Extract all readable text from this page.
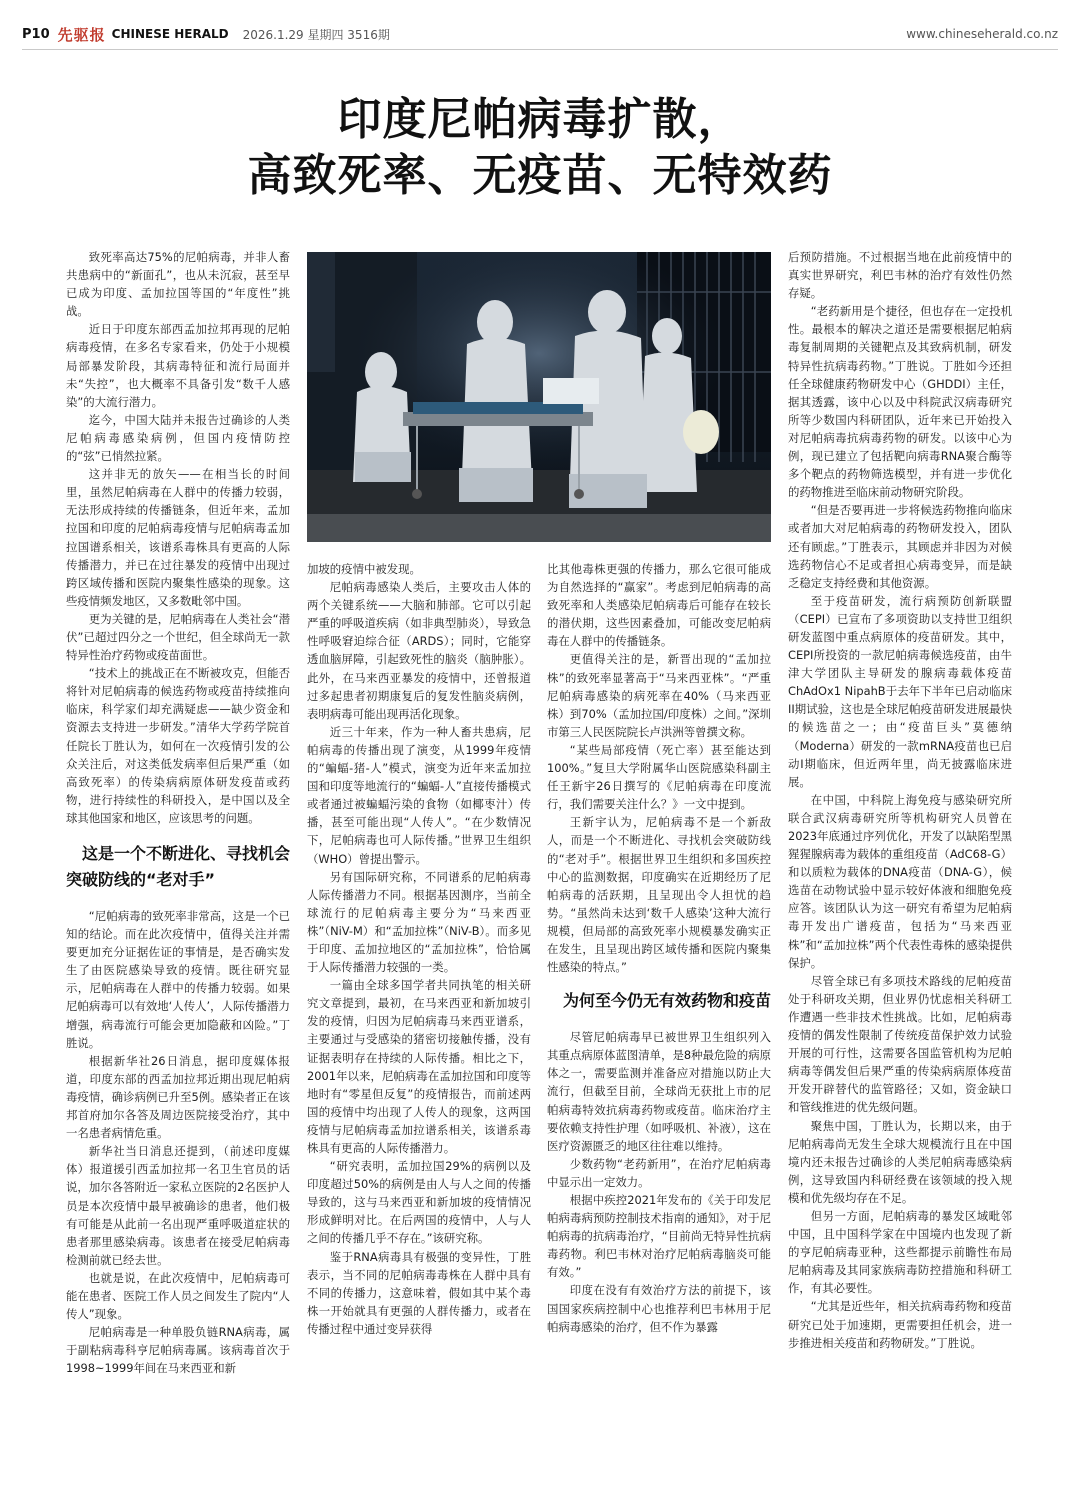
P10 先驱报 CHINESE HERALD 2026.1.29 星期四 3516期	www.chineseherald.co.nz
印度尼帕病毒扩散，
高致死率、无疫苗、无特效药

致死率高达75%的尼帕病毒，并非人畜共患病中的“新面孔”，也从未沉寂，甚至早已成为印度、孟加拉国等国的“年度性”挑战。

近日于印度东部西孟加拉邦再现的尼帕病毒疫情，在多名专家看来，仍处于小规模局部暴发阶段，其病毒特征和流行局面并未“失控”，也大概率不具备引发“数千人感染”的大流行潜力。

迄今，中国大陆并未报告过确诊的人类尼帕病毒感染病例，但国内疫情防控的“弦”已悄然拉紧。

这并非无的放矢——在相当长的时间里，虽然尼帕病毒在人群中的传播力较弱，无法形成持续的传播链条，但近年来，孟加拉国和印度的尼帕病毒疫情与尼帕病毒孟加拉国谱系相关，该谱系毒株具有更高的人际传播潜力，并已在过往暴发的疫情中出现过跨区域传播和医院内聚集性感染的现象。这些疫情频发地区，又多数毗邻中国。

更为关键的是，尼帕病毒在人类社会“潜伏”已超过四分之一个世纪，但全球尚无一款特异性治疗药物或疫苗面世。

“技术上的挑战正在不断被攻克，但能否将针对尼帕病毒的候选药物或疫苗持续推向临床，科学家们却充满疑虑——缺少资金和资源去支持进一步研发。”清华大学药学院首任院长丁胜认为，如何在一次疫情引发的公众关注后，对这类低发病率但后果严重（如高致死率）的传染病病原体研发疫苗或药物，进行持续性的科研投入，是中国以及全球其他国家和地区，应该思考的问题。

这是一个不断进化、寻找机会突破防线的“老对手”

“尼帕病毒的致死率非常高，这是一个已知的结论。而在此次疫情中，值得关注并需要更加充分证据佐证的事情是，是否确实发生了由医院感染导致的疫情。既往研究显示，尼帕病毒在人群中的传播力较弱。如果尼帕病毒可以有效地‘人传人’，人际传播潜力增强，病毒流行可能会更加隐蔽和凶险。”丁胜说。

根据新华社26日消息，据印度媒体报道，印度东部的西孟加拉邦近期出现尼帕病毒疫情，确诊病例已升至5例。感染者正在该邦首府加尔各答及周边医院接受治疗，其中一名患者病情危重。

新华社当日消息还提到，（前述印度媒体）报道援引西孟加拉邦一名卫生官员的话说，加尔各答附近一家私立医院的2名医护人员是本次疫情中最早被确诊的患者，他们极有可能是从此前一名出现严重呼吸道症状的患者那里感染病毒。该患者在接受尼帕病毒检测前就已经去世。

也就是说，在此次疫情中，尼帕病毒可能在患者、医院工作人员之间发生了院内“人传人”现象。

尼帕病毒是一种单股负链RNA病毒，属于副粘病毒科亨尼帕病毒属。该病毒首次于1998~1999年间在马来西亚和新

加坡的疫情中被发现。

尼帕病毒感染人类后，主要攻击人体的两个关键系统——大脑和肺部。它可以引起严重的呼吸道疾病（如非典型肺炎），导致急性呼吸窘迫综合征（ARDS）；同时，它能穿透血脑屏障，引起致死性的脑炎（脑肿胀）。此外，在马来西亚暴发的疫情中，还曾报道过多起患者初期康复后的复发性脑炎病例，表明病毒可能出现再活化现象。

近三十年来，作为一种人畜共患病，尼帕病毒的传播出现了演变，从1999年疫情的“蝙蝠-猪-人”模式，演变为近年来孟加拉国和印度等地流行的“蝙蝠-人”直接传播模式或者通过被蝙蝠污染的食物（如椰枣汁）传播，甚至可能出现“人传人”。“在少数情况下，尼帕病毒也可人际传播。”世界卫生组织（WHO）曾提出警示。

另有国际研究称，不同谱系的尼帕病毒人际传播潜力不同。根据基因测序，当前全球流行的尼帕病毒主要分为“马来西亚株”（NiV-M）和“孟加拉株”（NiV-B）。而多见于印度、孟加拉地区的“孟加拉株”，恰恰属于人际传播潜力较强的一类。

一篇由全球多国学者共同执笔的相关研究文章提到，最初，在马来西亚和新加坡引发的疫情，归因为尼帕病毒马来西亚谱系，主要通过与受感染的猪密切接触传播，没有证据表明存在持续的人际传播。相比之下，2001年以来，尼帕病毒在孟加拉国和印度等地时有“零星但反复”的疫情报告，而前述两国的疫情中均出现了人传人的现象，这两国疫情与尼帕病毒孟加拉谱系相关，该谱系毒株具有更高的人际传播潜力。

“研究表明，孟加拉国29%的病例以及印度超过50%的病例是由人与人之间的传播导致的，这与马来西亚和新加坡的疫情情况形成鲜明对比。在后两国的疫情中，人与人之间的传播几乎不存在。”该研究称。

鉴于RNA病毒具有极强的变异性，丁胜表示，当不同的尼帕病毒毒株在人群中具有不同的传播力，这意味着，假如其中某个毒株一开始就具有更强的人群传播力，或者在传播过程中通过变异获得

比其他毒株更强的传播力，那么它很可能成为自然选择的“赢家”。考虑到尼帕病毒的高致死率和人类感染尼帕病毒后可能存在较长的潜伏期，这些因素叠加，可能改变尼帕病毒在人群中的传播链条。

更值得关注的是，新晋出现的“孟加拉株”的致死率显著高于“马来西亚株”。“严重尼帕病毒感染的病死率在40%（马来西亚株）到70%（孟加拉国/印度株）之间。”深圳市第三人民医院院长卢洪洲等曾撰文称。

“某些局部疫情（死亡率）甚至能达到100%。”复旦大学附属华山医院感染科副主任王新宇26日撰写的《尼帕病毒在印度流行，我们需要关注什么？》一文中提到。

王新宇认为，尼帕病毒不是一个新敌人，而是一个不断进化、寻找机会突破防线的“老对手”。根据世界卫生组织和多国疾控中心的监测数据，印度确实在近期经历了尼帕病毒的活跃期，且呈现出令人担忧的趋势。“虽然尚未达到‘数千人感染’这种大流行规模，但局部的高致死率小规模暴发确实正在发生，且呈现出跨区域传播和医院内聚集性感染的特点。”

为何至今仍无有效药物和疫苗

尽管尼帕病毒早已被世界卫生组织列入其重点病原体蓝图清单，是8种最危险的病原体之一，需要监测并准备应对措施以防止大流行，但截至目前，全球尚无获批上市的尼帕病毒特效抗病毒药物或疫苗。临床治疗主要依赖支持性护理（如呼吸机、补液），这在医疗资源匮乏的地区往往难以维持。

少数药物“老药新用”，在治疗尼帕病毒中显示出一定效力。

根据中疾控2021年发布的《关于印发尼帕病毒病预防控制技术指南的通知》，对于尼帕病毒的抗病毒治疗，“目前尚无特异性抗病毒药物。利巴韦林对治疗尼帕病毒脑炎可能有效。”

印度在没有有效治疗方法的前提下，该国国家疾病控制中心也推荐利巴韦林用于尼帕病毒感染的治疗，但不作为暴露

后预防措施。不过根据当地在此前疫情中的真实世界研究，利巴韦林的治疗有效性仍然存疑。

“老药新用是个捷径，但也存在一定投机性。最根本的解决之道还是需要根据尼帕病毒复制周期的关键靶点及其致病机制，研发特异性抗病毒药物。”丁胜说。丁胜如今还担任全球健康药物研发中心（GHDDI）主任，据其透露，该中心以及中科院武汉病毒研究所等少数国内科研团队，近年来已开始投入对尼帕病毒抗病毒药物的研发。以该中心为例，现已建立了包括靶向病毒RNA聚合酶等多个靶点的药物筛选模型，并有进一步优化的药物推进至临床前动物研究阶段。

“但是否要再进一步将候选药物推向临床或者加大对尼帕病毒的药物研发投入，团队还有顾虑。”丁胜表示，其顾虑并非因为对候选药物信心不足或者担心病毒变异，而是缺乏稳定支持经费和其他资源。

至于疫苗研发，流行病预防创新联盟（CEPI）已宣布了多项资助以支持世卫组织研发蓝图中重点病原体的疫苗研发。其中，CEPI所投资的一款尼帕病毒候选疫苗，由牛津大学团队主导研发的腺病毒载体疫苗ChAdOx1 NipahB于去年下半年已启动临床II期试验，这也是全球尼帕疫苗研发进展最快的候选苗之一；由“疫苗巨头”莫德纳（Moderna）研发的一款mRNA疫苗也已启动I期临床，但近两年里，尚无披露临床进展。

在中国，中科院上海免疫与感染研究所联合武汉病毒研究所等机构研究人员曾在2023年底通过序列优化，开发了以缺陷型黑猩猩腺病毒为载体的重组疫苗（AdC68-G）和以质粒为载体的DNA疫苗（DNA-G），候选苗在动物试验中显示较好体液和细胞免疫应答。该团队认为这一研究有希望为尼帕病毒开发出广谱疫苗，包括为“马来西亚株”和“孟加拉株”两个代表性毒株的感染提供保护。

尽管全球已有多项技术路线的尼帕疫苗处于科研攻关期，但业界仍忧虑相关科研工作遭遇一些非技术性挑战。比如，尼帕病毒疫情的偶发性限制了传统疫苗保护效力试验开展的可行性，这需要各国监管机构为尼帕病毒等偶发但后果严重的传染病病原体疫苗开发开辟替代的监管路径；又如，资金缺口和管线推进的优先级问题。

聚焦中国，丁胜认为，长期以来，由于尼帕病毒尚无发生全球大规模流行且在中国境内还未报告过确诊的人类尼帕病毒感染病例，这导致国内科研经费在该领域的投入规模和优先级均存在不足。

但另一方面，尼帕病毒的暴发区域毗邻中国，且中国科学家在中国境内也发现了新的亨尼帕病毒亚种，这些都提示前瞻性布局尼帕病毒及其同家族病毒防控措施和科研工作，有其必要性。

“尤其是近些年，相关抗病毒药物和疫苗研究已处于加速期，更需要担任机会，进一步推进相关疫苗和药物研发。”丁胜说。
